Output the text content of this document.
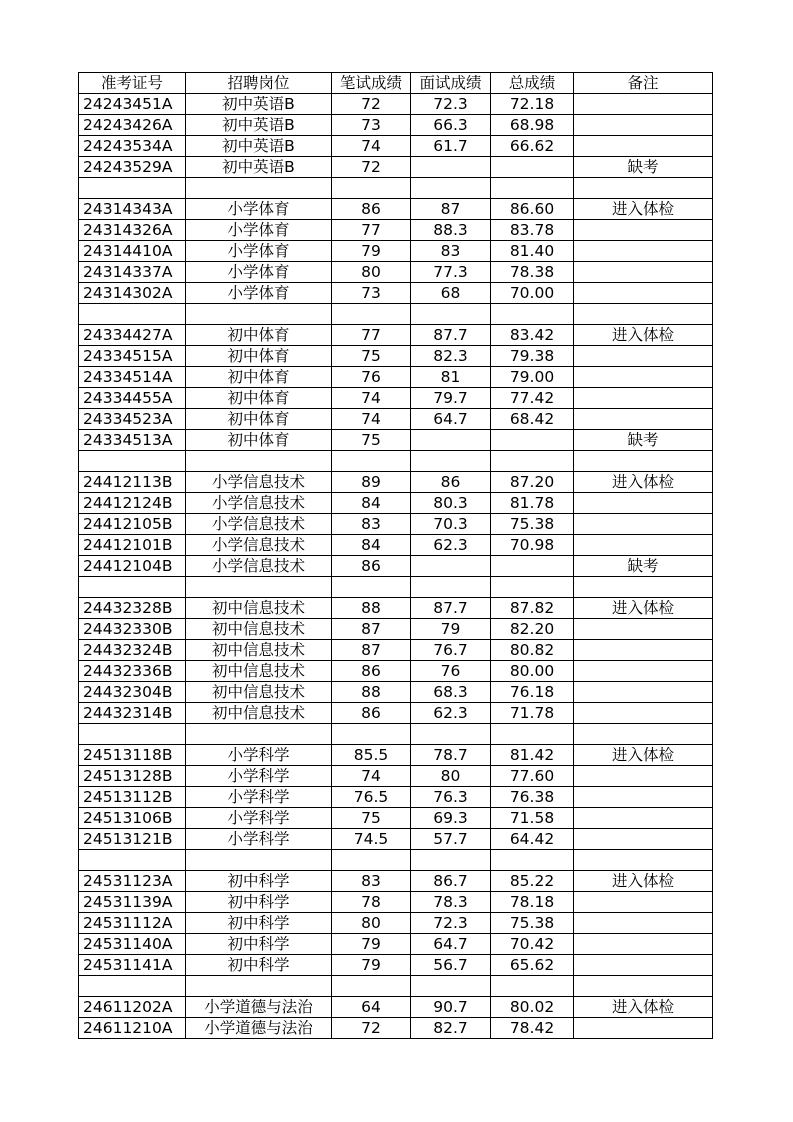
准考证号	招聘岗位	笔试成绩	面试成绩	总成绩	备注
24243451A	初中英语B	72	72.3	72.18	
24243426A	初中英语B	73	66.3	68.98	
24243534A	初中英语B	74	61.7	66.62	
24243529A	初中英语B	72			缺考

24314343A	小学体育	86	87	86.60	进入体检
24314326A	小学体育	77	88.3	83.78	
24314410A	小学体育	79	83	81.40	
24314337A	小学体育	80	77.3	78.38	
24314302A	小学体育	73	68	70.00	

24334427A	初中体育	77	87.7	83.42	进入体检
24334515A	初中体育	75	82.3	79.38	
24334514A	初中体育	76	81	79.00	
24334455A	初中体育	74	79.7	77.42	
24334523A	初中体育	74	64.7	68.42	
24334513A	初中体育	75			缺考

24412113B	小学信息技术	89	86	87.20	进入体检
24412124B	小学信息技术	84	80.3	81.78	
24412105B	小学信息技术	83	70.3	75.38	
24412101B	小学信息技术	84	62.3	70.98	
24412104B	小学信息技术	86			缺考

24432328B	初中信息技术	88	87.7	87.82	进入体检
24432330B	初中信息技术	87	79	82.20	
24432324B	初中信息技术	87	76.7	80.82	
24432336B	初中信息技术	86	76	80.00	
24432304B	初中信息技术	88	68.3	76.18	
24432314B	初中信息技术	86	62.3	71.78	

24513118B	小学科学	85.5	78.7	81.42	进入体检
24513128B	小学科学	74	80	77.60	
24513112B	小学科学	76.5	76.3	76.38	
24513106B	小学科学	75	69.3	71.58	
24513121B	小学科学	74.5	57.7	64.42	

24531123A	初中科学	83	86.7	85.22	进入体检
24531139A	初中科学	78	78.3	78.18	
24531112A	初中科学	80	72.3	75.38	
24531140A	初中科学	79	64.7	70.42	
24531141A	初中科学	79	56.7	65.62	

24611202A	小学道德与法治	64	90.7	80.02	进入体检
24611210A	小学道德与法治	72	82.7	78.42	
